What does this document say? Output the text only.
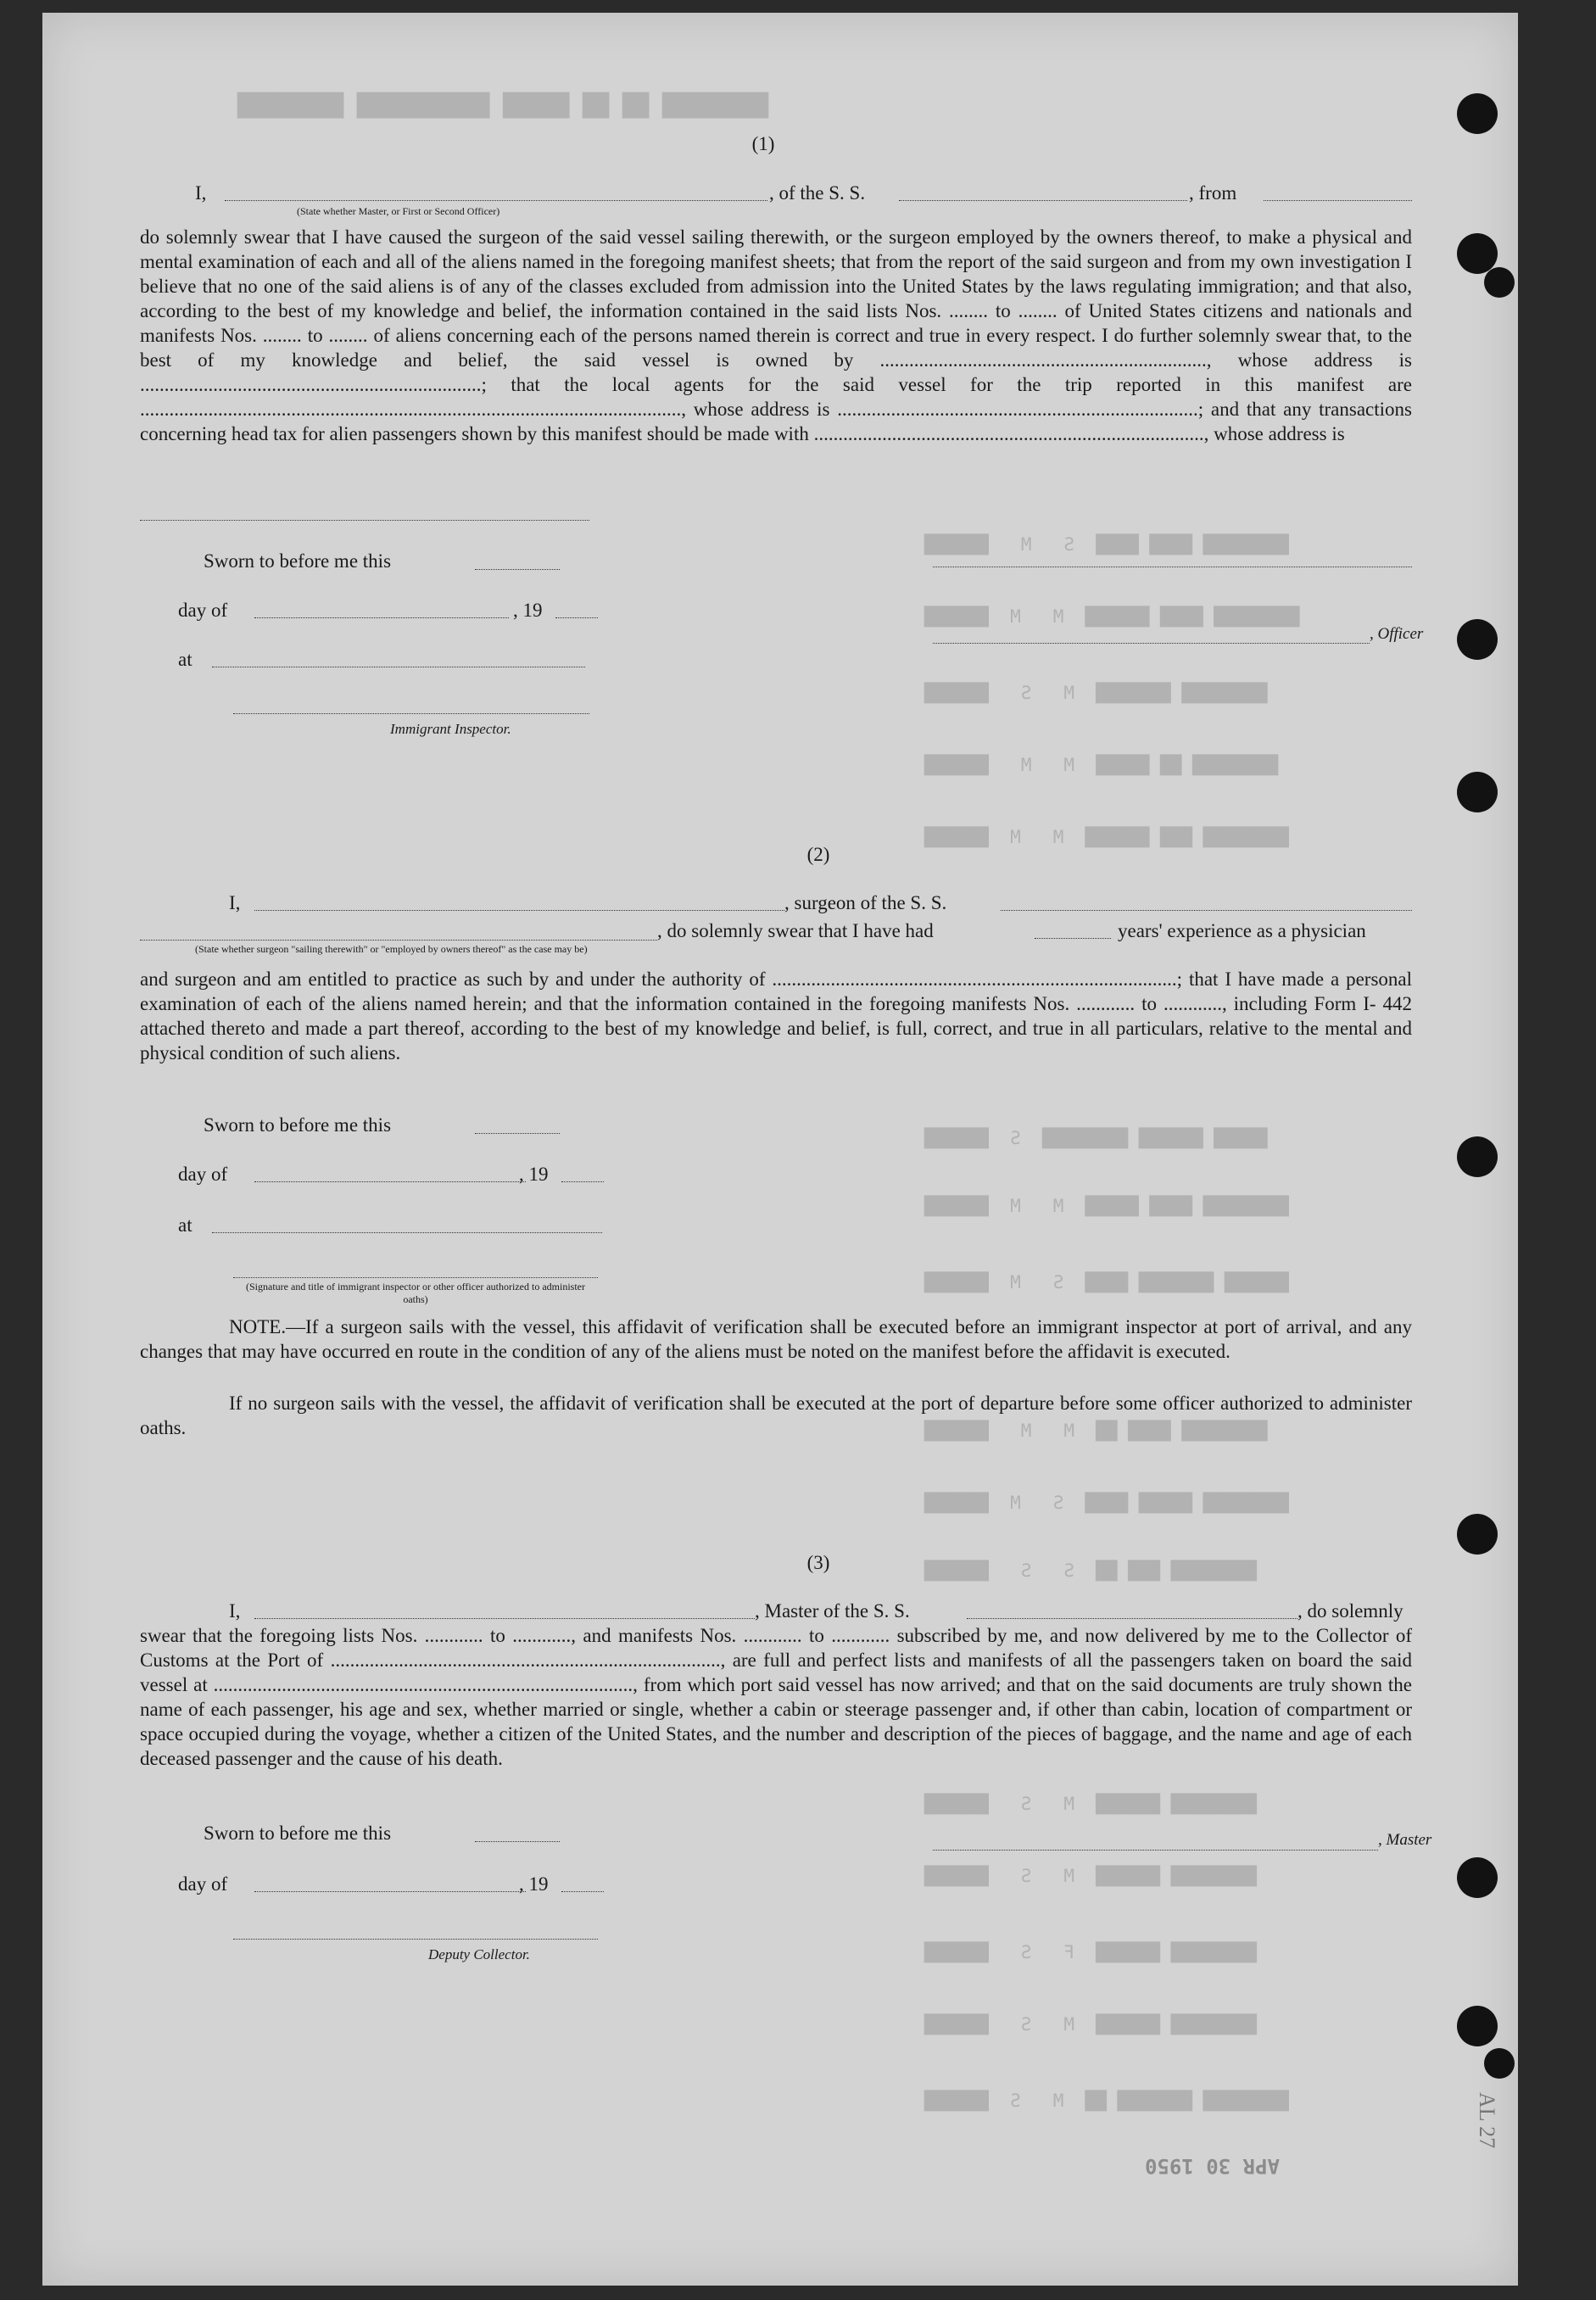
████████ ████ ████  S   M   ██████
████████ ████ ██████  M   M  ██████
████████ ███████  M   S   ██████
████████ ██ █████  M   M   ██████
████████ ███ ██████  M   M  ██████
█████ ██████ ████████  S  ██████
████████ ████ █████  M   M  ██████
██████ ███████ ████  S   M  ██████
████████ ████ ██  M   M   ██████
████████ █████ ████  S   M  ██████
████████ ███ ██  S   S   ██████
████████ ██████  M   S   ██████
████████ ██████  M   S   ██████
████████ ██████  F   S   ██████
████████ ██████  M   S   ██████
████████ ███████ ██  M   S  ██████
████████ ██ ██ █████ ██████████ ████████
APR 30 1950
AL 27
(1)
I,
(State whether Master, or First or Second Officer)
, of the S. S.	, from
do solemnly swear that I have caused the surgeon of the said vessel sailing therewith, or the surgeon employed by the owners thereof, to make a physical and mental examination of each and all of the aliens named in the foregoing manifest sheets; that from the report of the said surgeon and from my own investigation I believe that no one of the said aliens is of any of the classes excluded from admission into the United States by the laws regulating immigration; and that also, according to the best of my knowledge and belief, the information contained in the said lists Nos. ........ to ........ of United States citizens and nationals and manifests Nos. ........ to ........ of aliens concerning each of the persons named therein is correct and true in every respect. I do further solemnly swear that, to the best of my knowledge and belief, the said vessel is owned by ..................................................................., whose address is ......................................................................; that the local agents for the said vessel for the trip reported in this manifest are ..............................................................................................................., whose address is ..........................................................................; and that any transactions concerning head tax for alien passengers shown by this manifest should be made with ................................................................................, whose address is
Sworn to before me this
day of	, 19
, Officer
at
Immigrant Inspector.
(2)
I,	, surgeon of the S. S.
, do solemnly swear that I have had	years' experience as a physician
(State whether surgeon "sailing therewith" or "employed by owners thereof" as the case may be)
and surgeon and am entitled to practice as such by and under the authority of ...................................................................................; that I have made a personal examination of each of the aliens named herein; and that the information contained in the foregoing manifests Nos. ............ to ............, including Form I- 442 attached thereto and made a part thereof, according to the best of my knowledge and belief, is full, correct, and true in all particulars, relative to the mental and physical condition of such aliens.
Sworn to before me this
day of	, 19
at
(Signature and title of immigrant inspector or other officer authorized to administer oaths)
NOTE.—If a surgeon sails with the vessel, this affidavit of verification shall be executed before an immigrant inspector at port of arrival, and any changes that may have occurred en route in the condition of any of the aliens must be noted on the manifest before the affidavit is executed.
If no surgeon sails with the vessel, the affidavit of verification shall be executed at the port of departure before some officer authorized to administer oaths.
(3)
I,	, Master of the S. S.	, do solemnly
swear that the foregoing lists Nos. ............ to ............, and manifests Nos. ............ to ............ subscribed by me, and now delivered by me to the Collector of Customs at the Port of ................................................................................, are full and perfect lists and manifests of all the passengers taken on board the said vessel at ......................................................................................, from which port said vessel has now arrived; and that on the said documents are truly shown the name of each passenger, his age and sex, whether married or single, whether a cabin or steerage passenger and, if other than cabin, location of compartment or space occupied during the voyage, whether a citizen of the United States, and the number and description of the pieces of baggage, and the name and age of each deceased passenger and the cause of his death.
Sworn to before me this	, Master
day of	, 19
Deputy Collector.
